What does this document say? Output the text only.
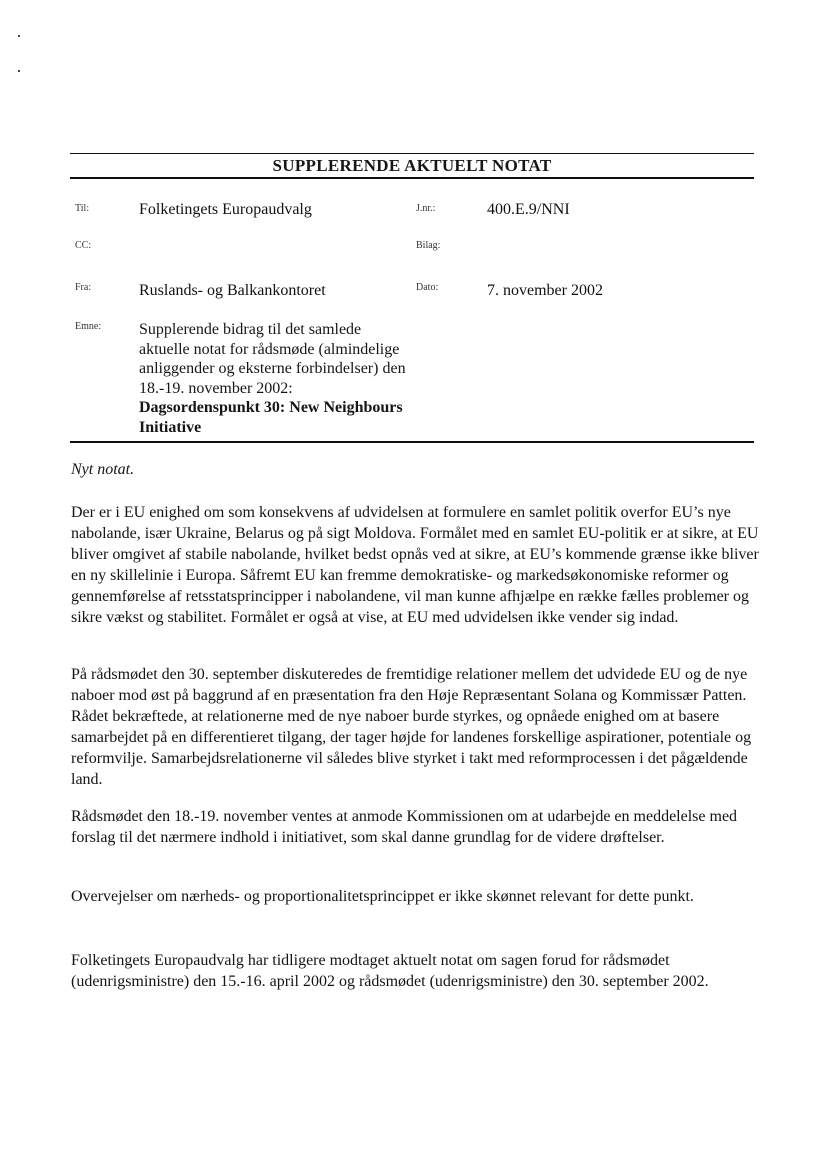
SUPPLERENDE AKTUELT NOTAT
Til:	Folketingets Europaudvalg	J.nr.:	400.E.9/NNI
CC:	Bilag:
Fra:	Ruslands- og Balkankontoret	Dato:	7. november 2002
Emne: Supplerende bidrag til det samlede aktuelle notat for rådsmøde (almindelige anliggender og eksterne forbindelser) den 18.-19. november 2002: Dagsordenspunkt 30: New Neighbours Initiative
Nyt notat.

Der er i EU enighed om som konsekvens af udvidelsen at formulere en samlet politik overfor EU’s nye nabolande, især Ukraine, Belarus og på sigt Moldova. Formålet med en samlet EU-politik er at sikre, at EU bliver omgivet af stabile nabolande, hvilket bedst opnås ved at sikre, at EU’s kommende grænse ikke bliver en ny skillelinie i Europa. Såfremt EU kan fremme demokratiske- og markedsøkonomiske reformer og gennemførelse af retsstatsprincipper i nabolandene, vil man kunne afhjælpe en række fælles problemer og sikre vækst og stabilitet. Formålet er også at vise, at EU med udvidelsen ikke vender sig indad.

På rådsmødet den 30. september diskuteredes de fremtidige relationer mellem det udvidede EU og de nye naboer mod øst på baggrund af en præsentation fra den Høje Repræsentant Solana og Kommissær Patten. Rådet bekræftede, at relationerne med de nye naboer burde styrkes, og opnåede enighed om at basere samarbejdet på en differentieret tilgang, der tager højde for landenes forskellige aspirationer, potentiale og reformvilje. Samarbejdsrelationerne vil således blive styrket i takt med reformprocessen i det pågældende land.

Rådsmødet den 18.-19. november ventes at anmode Kommissionen om at udarbejde en meddelelse med forslag til det nærmere indhold i initiativet, som skal danne grundlag for de videre drøftelser.

Overvejelser om nærheds- og proportionalitetsprincippet er ikke skønnet relevant for dette punkt.

Folketingets Europaudvalg har tidligere modtaget aktuelt notat om sagen forud for rådsmødet (udenrigsministre) den 15.-16. april 2002 og rådsmødet (udenrigsministre) den 30. september 2002.
